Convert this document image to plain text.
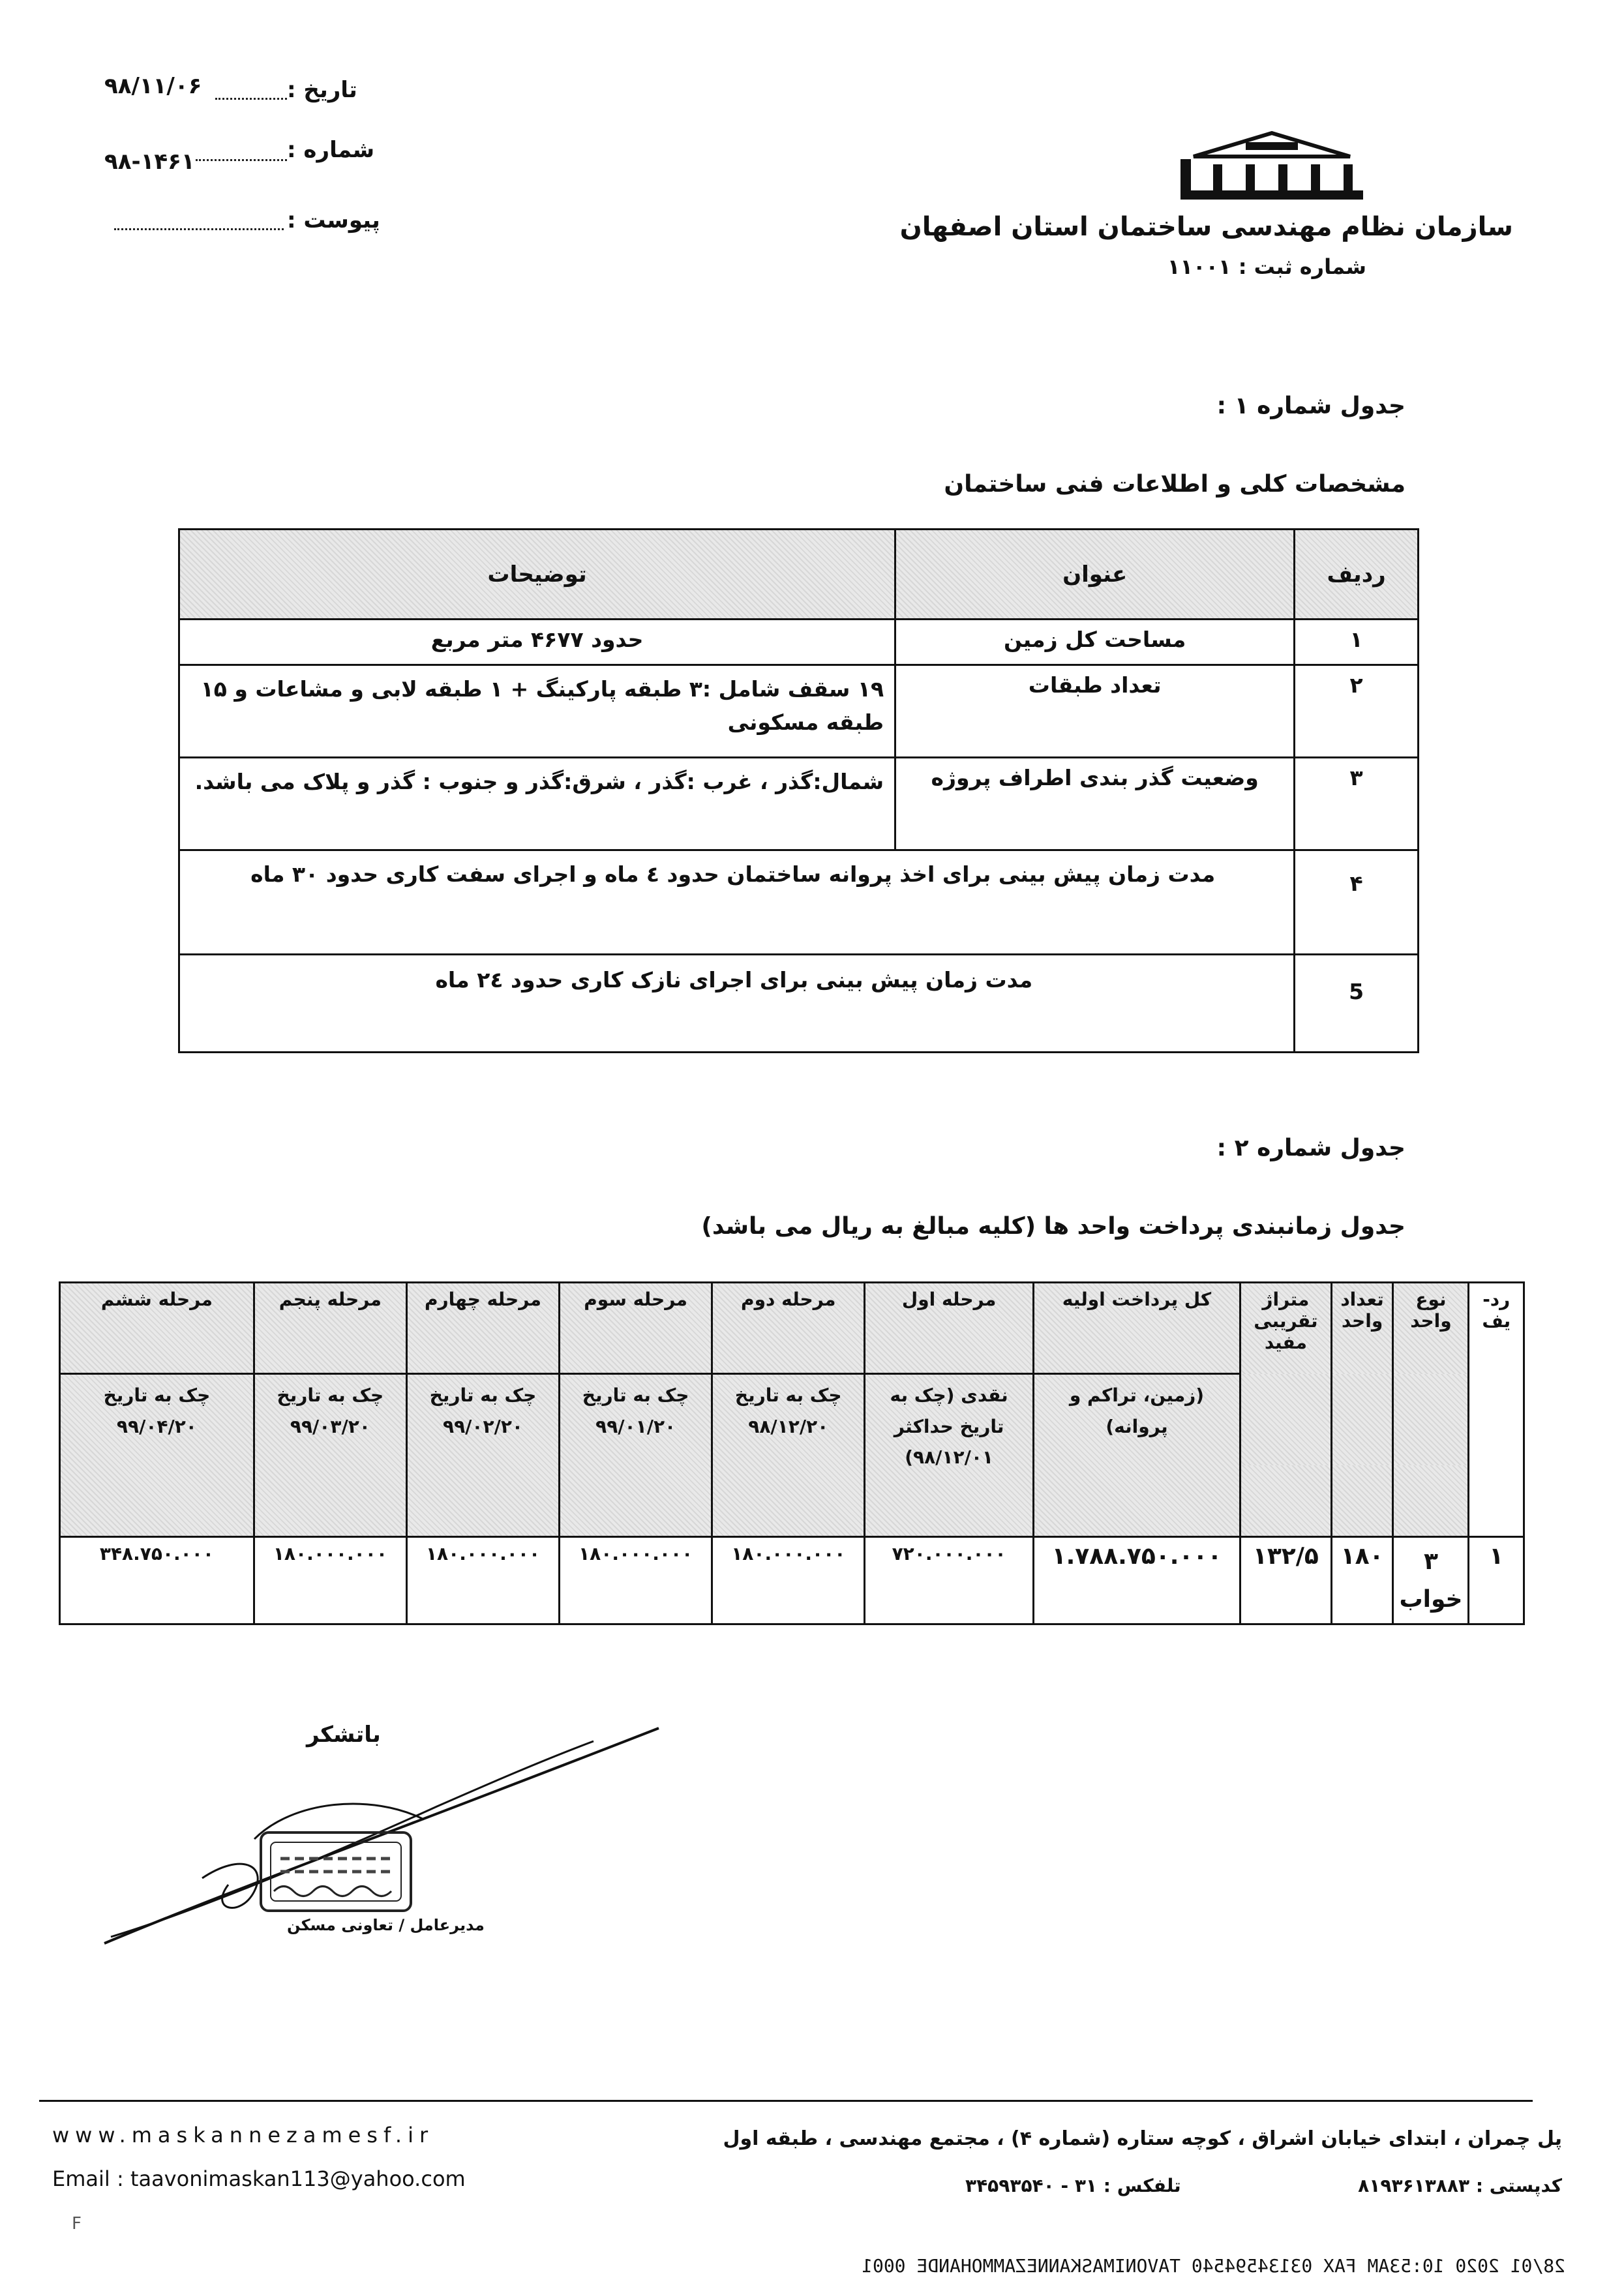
تاریخ :
۹۸/۱۱/۰۶
شماره :
۹۸-۱۴۶۱
پیوست :	سازمان نظام مهندسی ساختمان استان اصفهان
شماره ثبت : ۱۱۰۰۱
جدول شماره ۱ :
مشخصات کلی و اطلاعات فنی ساختمان
ردیف	عنوان	توضیحات
۱	مساحت کل زمین	حدود ۴۶۷۷ متر مربع
۲	تعداد طبقات	۱۹ سقف شامل :۳ طبقه پارکینگ + ۱ طبقه لابی و مشاعات و ۱۵ طبقه مسکونی
۳	وضعیت گذر بندی اطراف پروژه	شمال:گذر ، غرب :گذر ، شرق:گذر و جنوب : گذر و پلاک می باشد.
۴	مدت زمان پیش بینی برای اخذ پروانه ساختمان حدود ٤ ماه و اجرای سفت کاری حدود ۳۰ ماه	
5	مدت زمان پیش بینی برای اجرای نازک کاری حدود ۲٤ ماه	
جدول شماره ۲ :
جدول زمانبندی پرداخت واحد ها (کلیه مبالغ به ریال می باشد)
رد-یف	نوع واحد	تعداد واحد	متراژ تقریبی مفید	کل پرداخت اولیه	مرحله اول	مرحله دوم	مرحله سوم	مرحله چهارم	مرحله پنجم	مرحله ششم
				(زمین، تراکم و پروانه)	نقدی (چک به تاریخ حداکثر ۹۸/۱۲/۰۱)	چک به تاریخ ۹۸/۱۲/۲۰	چک به تاریخ ۹۹/۰۱/۲۰	چک به تاریخ ۹۹/۰۲/۲۰	چک به تاریخ ۹۹/۰۳/۲۰	چک به تاریخ ۹۹/۰۴/۲۰
۱	۳ خواب	۱۸۰	۱۳۲/۵	۱.۷۸۸.۷۵۰.۰۰۰	۷۲۰.۰۰۰.۰۰۰	۱۸۰.۰۰۰.۰۰۰	۱۸۰.۰۰۰.۰۰۰	۱۸۰.۰۰۰.۰۰۰	۱۸۰.۰۰۰.۰۰۰	۳۴۸.۷۵۰.۰۰۰
باتشکر
مدیرعامل / تعاونی مسکن
www.maskannezamesf.ir
Email : taavonimaskan113@yahoo.com
پل چمران ، ابتدای خیابان اشراق ، کوچه ستاره (شماره ۴) ، مجتمع مهندسی ، طبقه اول
کدپستی : ۸۱۹۳۶۱۳۸۸۳
تلفکس : ۳۱ - ۳۴۵۹۳۵۴۰
F
28/01 2020 10:53AM FAX 03134594540 TAVONIMASKANNEZAMMOHANDE 0001
